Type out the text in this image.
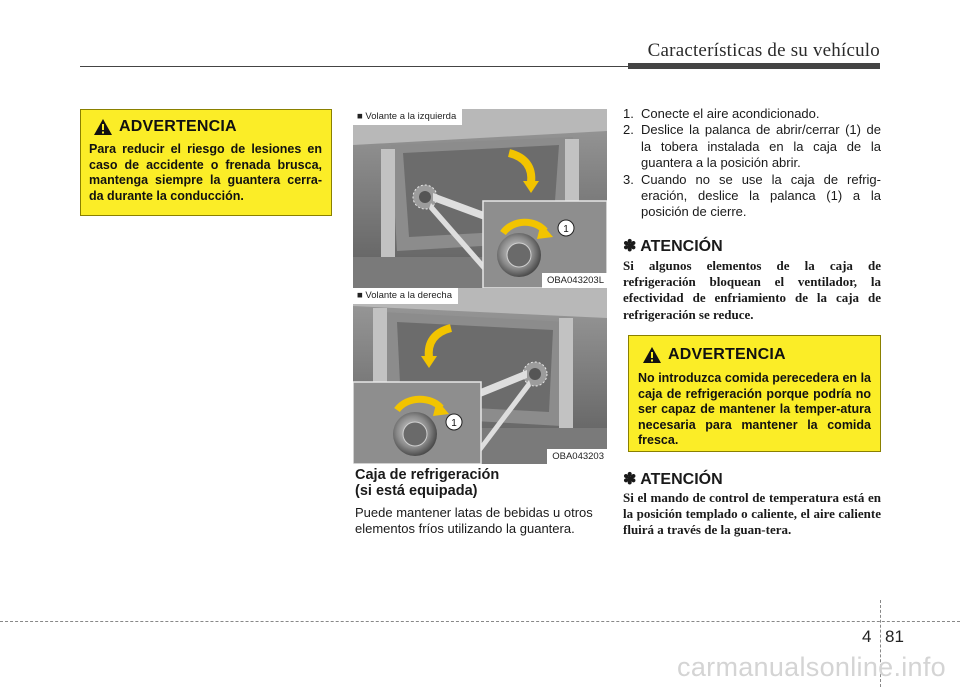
Características de su vehículo
ADVERTENCIA
Para reducir el riesgo de lesiones en caso de accidente o frenada brusca, mantenga siempre la guantera cerra-da durante la conducción.
1
■ Volante a la izquierda
OBA043203L
1
■ Volante a la derecha
OBA043203
Caja de refrigeración
(si está equipada)
Puede mantener latas de bebidas u otros elementos fríos utilizando la guantera.
1. Conecte el aire acondicionado.
2. Deslice la palanca de abrir/cerrar (1) de la tobera instalada en la caja de la guantera a la posición abrir.
3. Cuando no se use la caja de refrig-eración, deslice la palanca (1) a la posición de cierre.
✽ ATENCIÓN
Si algunos elementos de la caja de refrigeración bloquean el ventilador, la efectividad de enfriamiento de la caja de refrigeración se reduce.
ADVERTENCIA
No introduzca comida perecedera en la caja de refrigeración porque podría no ser capaz de mantener la temper-atura necesaria para mantener la comida fresca.
✽ ATENCIÓN
Si el mando de control de temperatura está en la posición templado o caliente, el aire caliente fluirá a través de la guan-tera.
4 81
carmanualsonline.info
